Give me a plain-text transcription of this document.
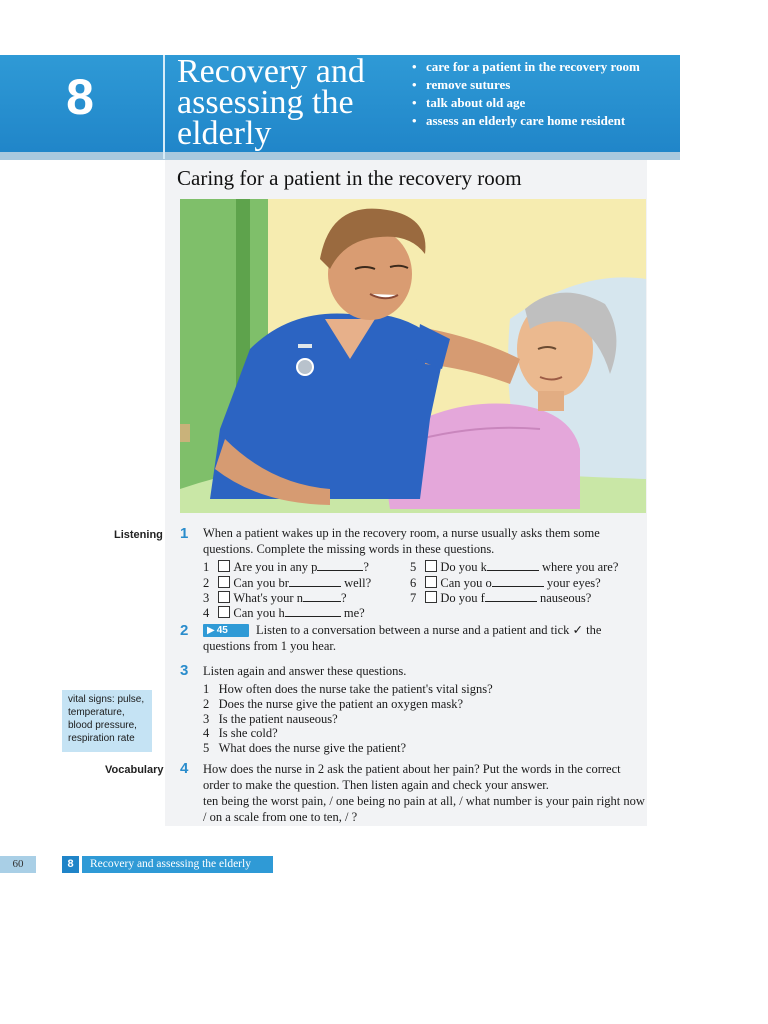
8 Recovery and
assessing the
elderly
• care for a patient in the recovery room
• remove sutures
• talk about old age
• assess an elderly care home resident
Caring for a patient in the recovery room
Listening
Vocabulary
vital signs: pulse, temperature, blood pressure, respiration rate
1 When a patient wakes up in the recovery room, a nurse usually asks them some questions. Complete the missing words in these questions.
1 Are you in any p	?
2 Can you br	well?
3 What's your n	?
4 Can you h	me?
5 Do you k	where you are?
6 Can you o	your eyes?
7 Do you f	nauseous?
2	▶ 45	Listen to a conversation between a nurse and a patient and tick ✓ the
questions from 1 you hear.
3 Listen again and answer these questions.
1 How often does the nurse take the patient's vital signs?
2 Does the nurse give the patient an oxygen mask?
3 Is the patient nauseous?
4 Is she cold?
5 What does the nurse give the patient?
4 How does the nurse in 2 ask the patient about her pain? Put the words in the correct order to make the question. Then listen again and check your answer.
ten being the worst pain, / one being no pain at all, / what number is your pain right now / on a scale from one to ten, / ?
60	8	Recovery and assessing the elderly
